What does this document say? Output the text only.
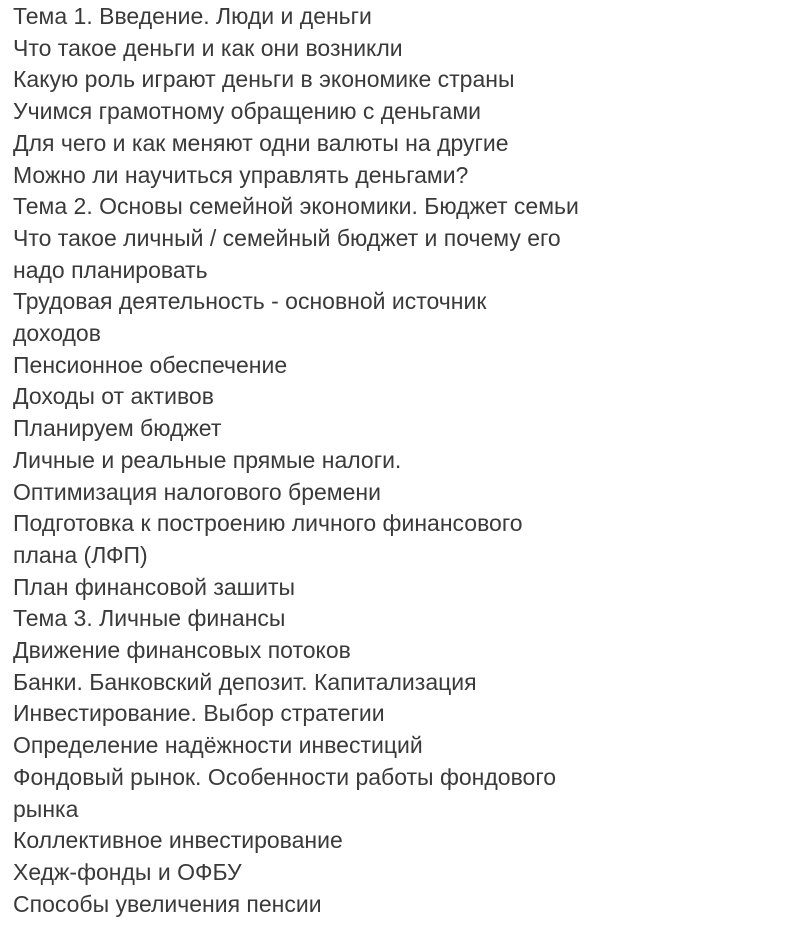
Тема 1. Введение. Люди и деньги
Что такое деньги и как они возникли
Какую роль играют деньги в экономике страны
Учимся грамотному обращению с деньгами
Для чего и как меняют одни валюты на другие
Можно ли научиться управлять деньгами?
Тема 2. Основы семейной экономики. Бюджет семьи
Что такое личный / семейный бюджет и почему его
надо планировать
Трудовая деятельность - основной источник
доходов
Пенсионное обеспечение
Доходы от активов
Планируем бюджет
Личные и реальные прямые налоги.
Оптимизация налогового бремени
Подготовка к построению личного финансового
плана (ЛФП)
План финансовой зашиты
Тема 3. Личные финансы
Движение финансовых потоков
Банки. Банковский депозит. Капитализация
Инвестирование. Выбор стратегии
Определение надёжности инвестиций
Фондовый рынок. Особенности работы фондового
рынка
Коллективное инвестирование
Хедж-фонды и ОФБУ
Способы увеличения пенсии
